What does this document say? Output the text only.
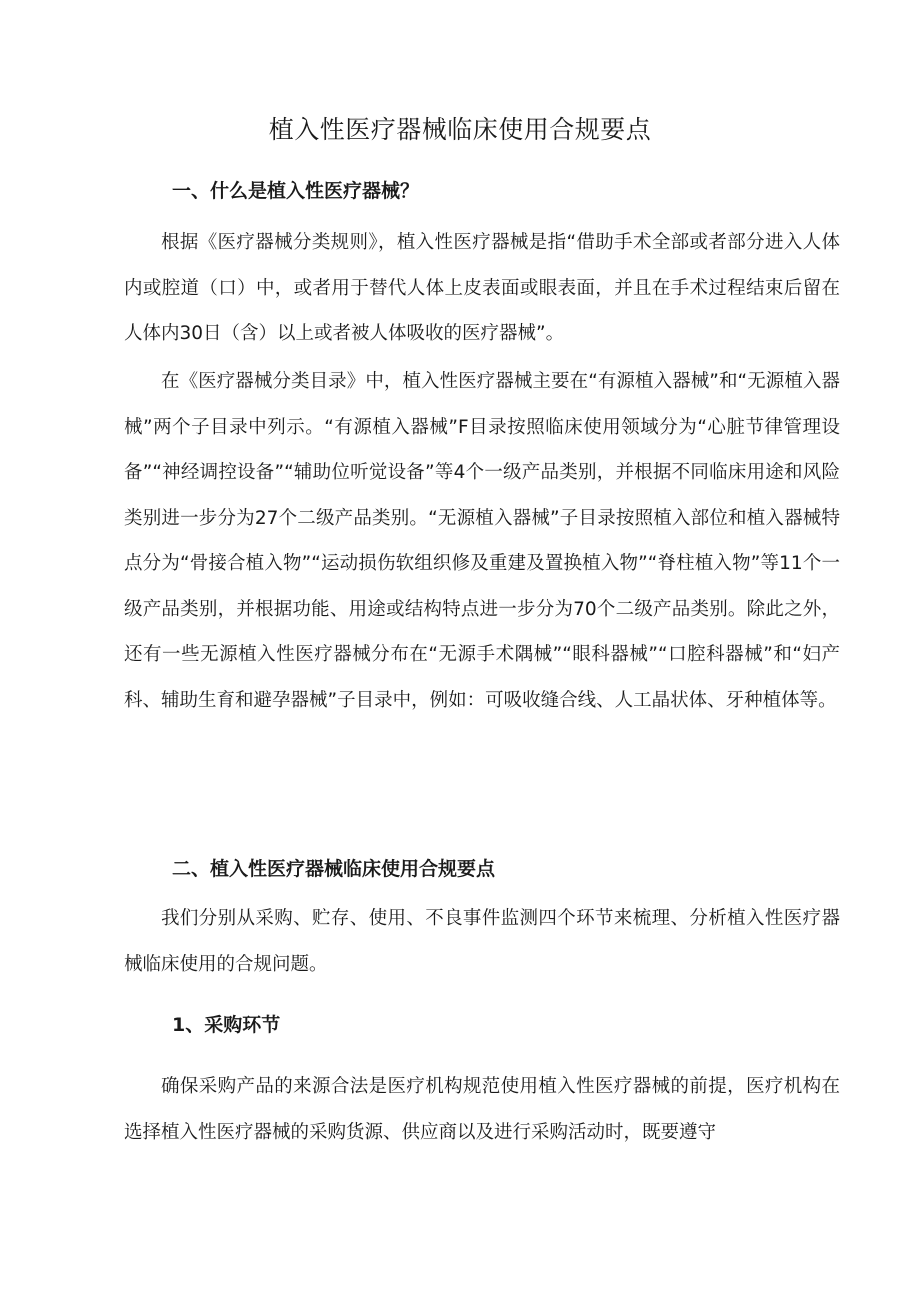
植入性医疗器械临床使用合规要点
一、什么是植入性医疗器械？

根据《医疗器械分类规则》，植入性医疗器械是指“借助手术全部或者部分进入人体内或腔道（口）中，或者用于替代人体上皮表面或眼表面，并且在手术过程结束后留在人体内30日（含）以上或者被人体吸收的医疗器械”。

在《医疗器械分类目录》中，植入性医疗器械主要在“有源植入器械”和“无源植入器械”两个子目录中列示。“有源植入器械”F目录按照临床使用领域分为“心脏节律管理设备”“神经调控设备”“辅助位听觉设备”等4个一级产品类别，并根据不同临床用途和风险类别进一步分为27个二级产品类别。“无源植入器械”子目录按照植入部位和植入器械特点分为“骨接合植入物”“运动损伤软组织修及重建及置换植入物”“脊柱植入物”等11个一级产品类别，并根据功能、用途或结构特点进一步分为70个二级产品类别。除此之外，还有一些无源植入性医疗器械分布在“无源手术隅械”“眼科器械”“口腔科器械”和“妇产科、辅助生育和避孕器械”子目录中，例如：可吸收缝合线、人工晶状体、牙种植体等。

二、植入性医疗器械临床使用合规要点

我们分别从采购、贮存、使用、不良事件监测四个环节来梳理、分析植入性医疗器械临床使用的合规问题。

1、采购环节

确保采购产品的来源合法是医疗机构规范使用植入性医疗器械的前提，医疗机构在选择植入性医疗器械的采购货源、供应商以及进行采购活动时，既要遵守
